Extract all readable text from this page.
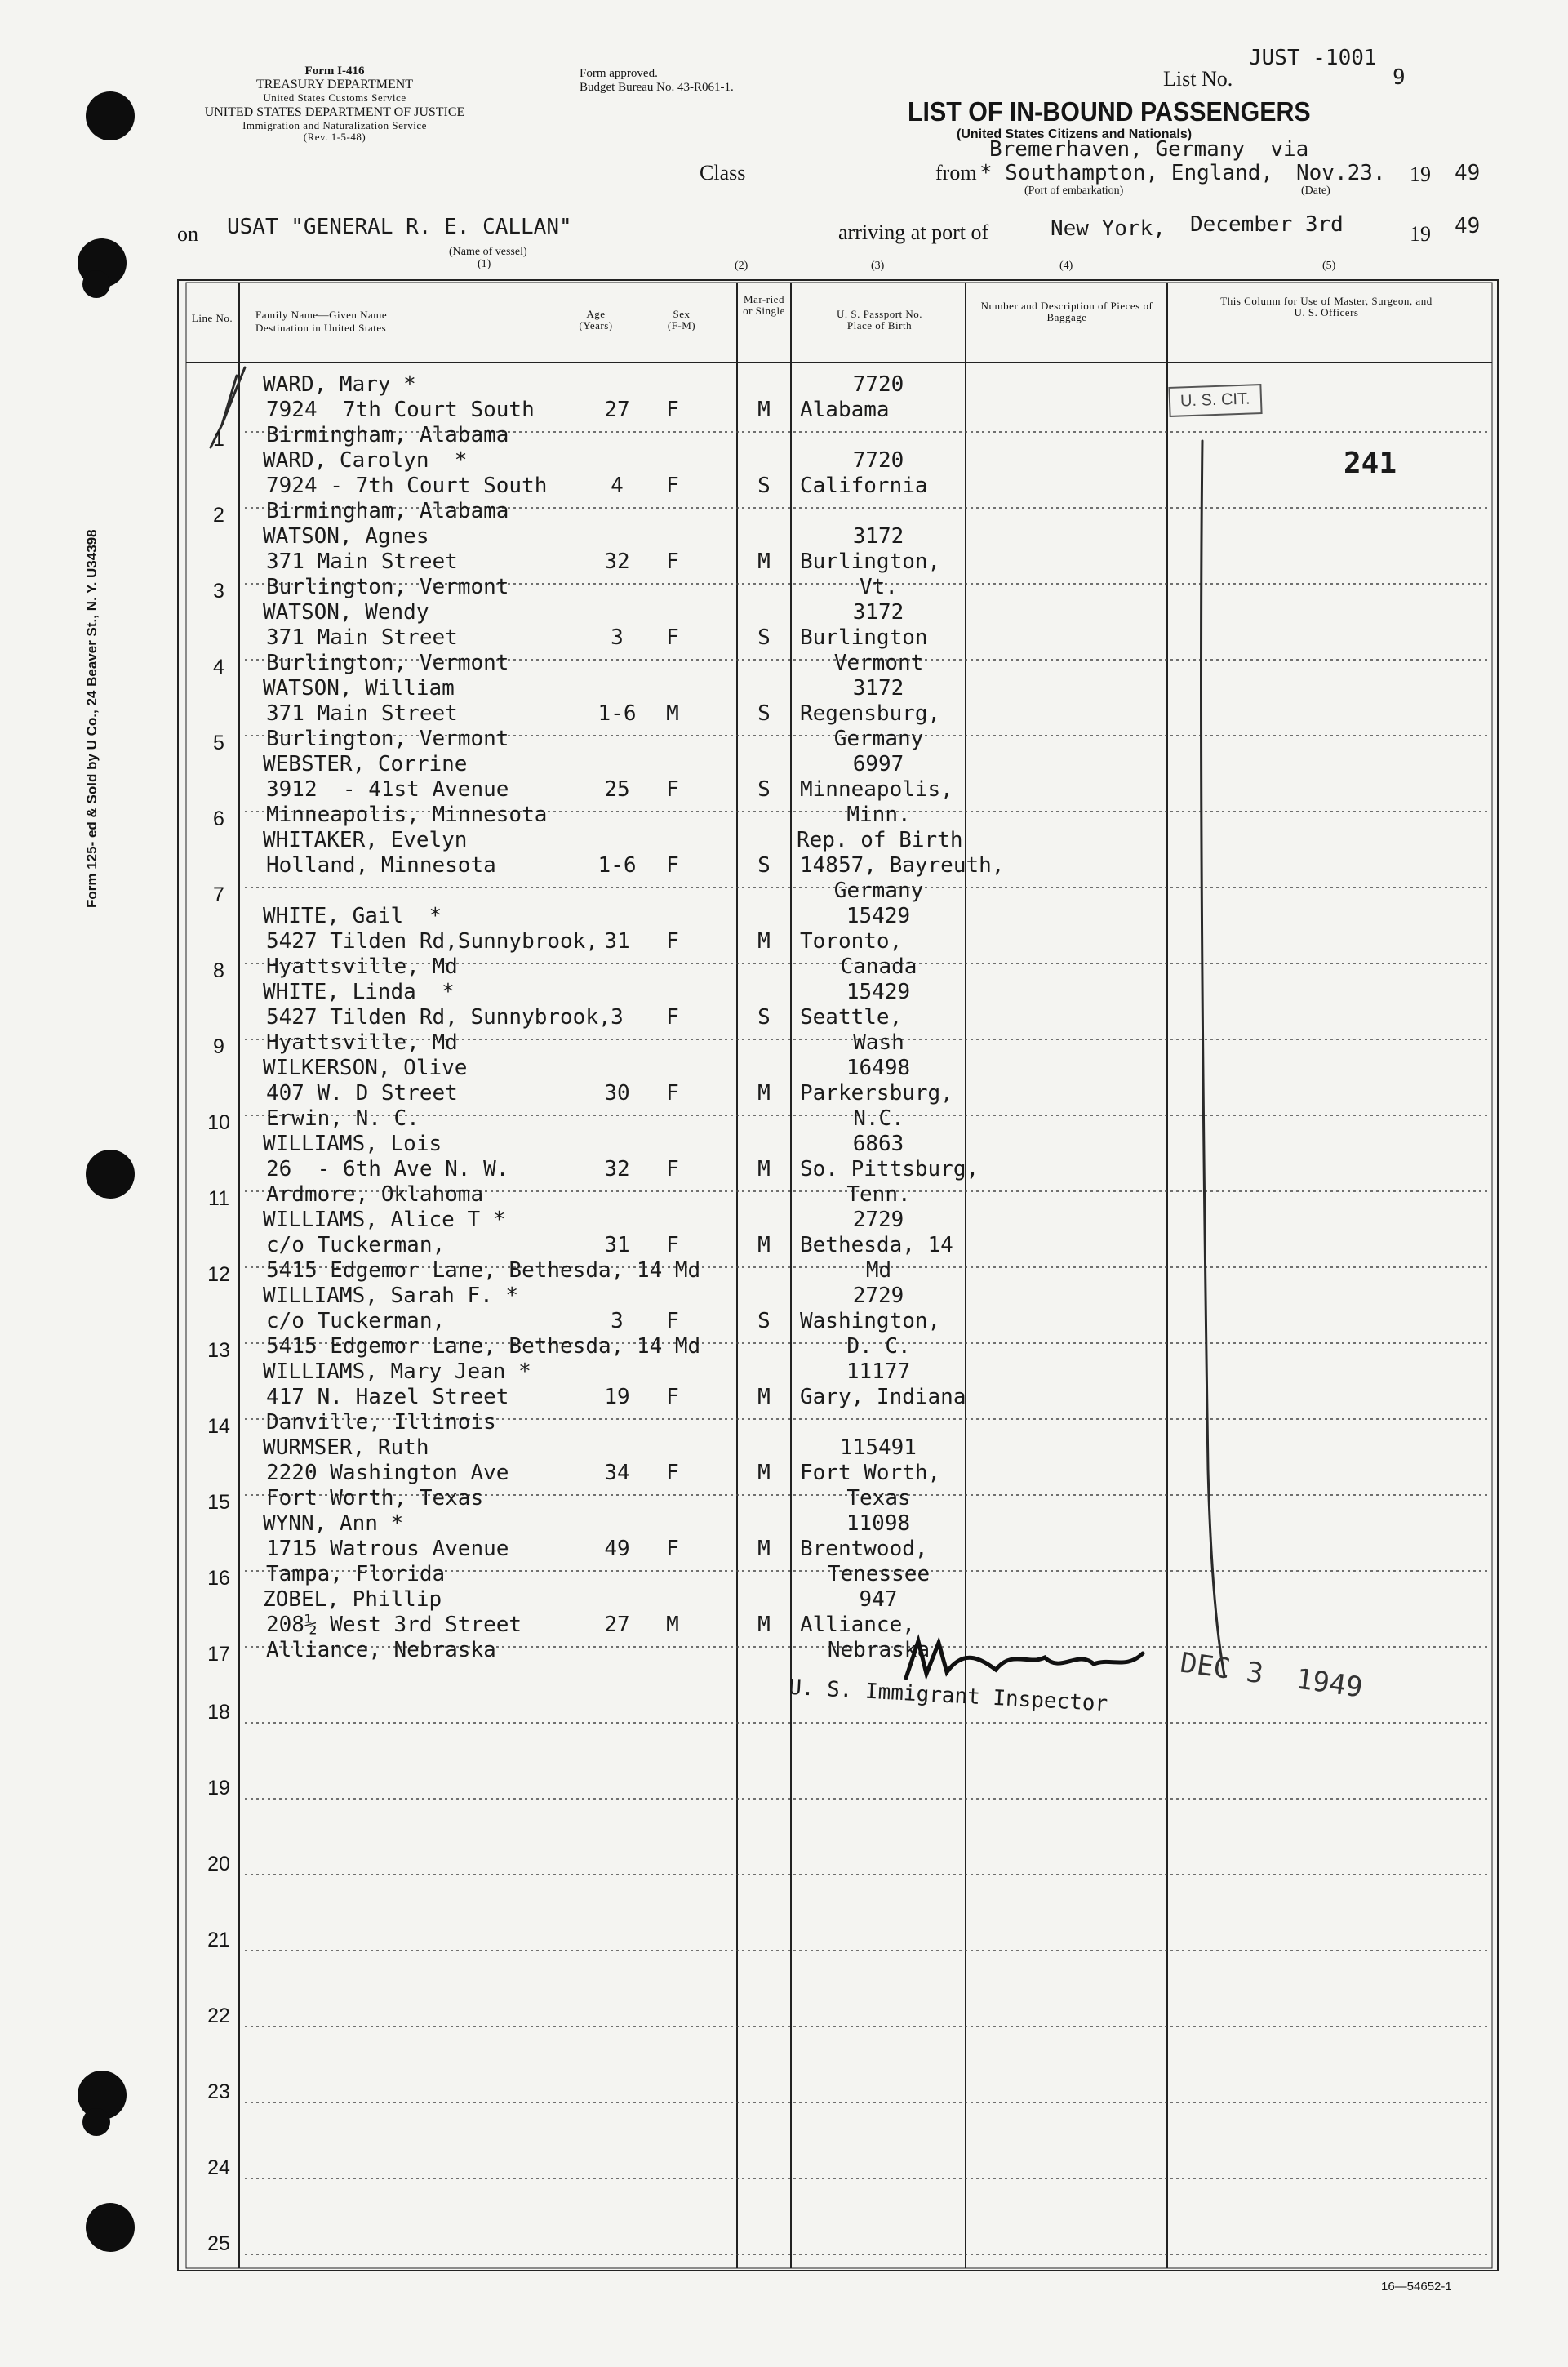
Form 125- ed & Sold by U Co., 24 Beaver St., N. Y. U34398
Form I-416
TREASURY DEPARTMENT
United States Customs Service
UNITED STATES DEPARTMENT OF JUSTICE
Immigration and Naturalization Service
(Rev. 1-5-48)
Form approved.
Budget Bureau No. 43-R061-1.
JUST -1001
List No.	9
LIST OF IN-BOUND PASSENGERS
(United States Citizens and Nationals)
Class	from
Bremerhaven, Germany  via
* Southampton, England,
(Port of embarkation)
Nov.23.
(Date)
19 49
on USAT "GENERAL R. E. CALLAN"
(Name of vessel)
(1)
arriving at port of	New York, December 3rd	19 49
(2)	(3)	(4)	(5)
Line No. Family Name—Given Name
Destination in United States
Age
(Years)
Sex
(F-M)
Mar-ried or Single	U. S. Passport No.
Place of Birth
Number and Description of Pieces of Baggage
This Column for Use of Master, Surgeon, and U. S. Officers
1
WARD, Mary *
7924  7th Court South
Birmingham, Alabama
27	F	M
7720
Alabama
2
WARD, Carolyn  *
7924 - 7th Court South
Birmingham, Alabama
4	F	S
7720
California
3
WATSON, Agnes
371 Main Street
Burlington, Vermont
32	F	M
3172
Burlington,
Vt.
4
WATSON, Wendy
371 Main Street
Burlington, Vermont
3	F	S
3172
Burlington
Vermont
5
WATSON, William
371 Main Street
Burlington, Vermont
1-6	M	S
3172
Regensburg,
Germany
6
WEBSTER, Corrine
3912  - 41st Avenue
Minneapolis, Minnesota
25	F	S
6997
Minneapolis,
Minn.
7
WHITAKER, Evelyn
Holland, Minnesota	1-6	F	S
Rep. of Birth
14857, Bayreuth,
Germany
8
WHITE, Gail  *
5427 Tilden Rd,Sunnybrook,
Hyattsville, Md
31	F	M
15429
Toronto,
Canada
9
WHITE, Linda  *
5427 Tilden Rd, Sunnybrook,
Hyattsville, Md
3	F	S
15429
Seattle,
Wash
10
WILKERSON, Olive
407 W. D Street
Erwin, N. C.
30	F	M
16498
Parkersburg,
N.C.
11
WILLIAMS, Lois
26  - 6th Ave N. W.
Ardmore, Oklahoma
32	F	M
6863
So. Pittsburg,
Tenn.
12
WILLIAMS, Alice T *
c/o Tuckerman,
5415 Edgemor Lane, Bethesda, 14 Md
31	F	M
2729
Bethesda, 14
Md
13
WILLIAMS, Sarah F. *
c/o Tuckerman,
5415 Edgemor Lane, Bethesda, 14 Md
3	F	S
2729
Washington,
D. C.
14
WILLIAMS, Mary Jean *
417 N. Hazel Street
Danville, Illinois
19	F	M
11177
Gary, Indiana
15
WURMSER, Ruth
2220 Washington Ave
Fort Worth, Texas
34	F	M
115491
Fort Worth,
Texas
16
WYNN, Ann *
1715 Watrous Avenue
Tampa, Florida
49	F	M
11098
Brentwood,
Tenessee
17
ZOBEL, Phillip
208½ West 3rd Street
Alliance, Nebraska
27	M	M
947
Alliance,
Nebraska
18
19
20
21
22
23
24
25
U. S. CIT.
241
U. S. Immigrant Inspector	DEC 3  1949
16—54652-1
